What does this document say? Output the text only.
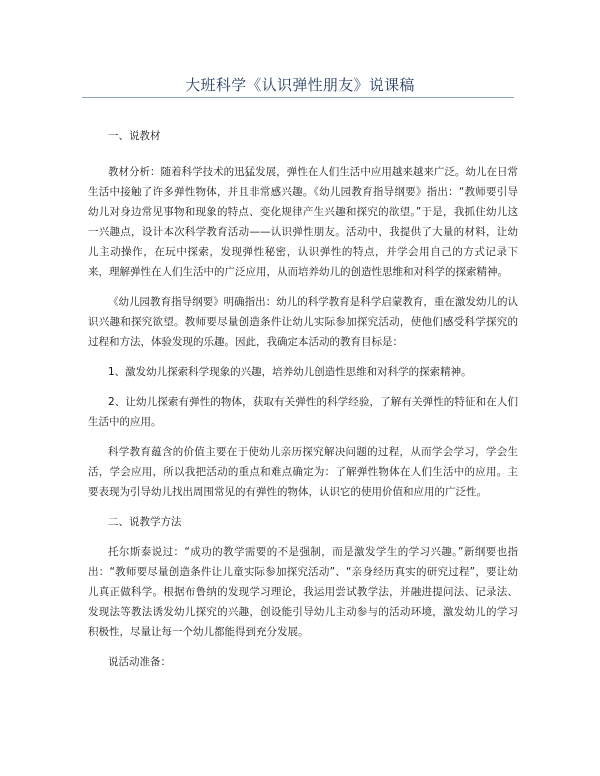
大班科学《认识弹性朋友》说课稿

一、说教材

教材分析：随着科学技术的迅猛发展，弹性在人们生活中应用越来越来广泛。幼儿在日常生活中接触了许多弹性物体，并且非常感兴趣。《幼儿园教育指导纲要》指出：“教师要引导幼儿对身边常见事物和现象的特点、变化规律产生兴趣和探究的欲望。”于是，我抓住幼儿这一兴趣点，设计本次科学教育活动——认识弹性朋友。活动中，我提供了大量的材料，让幼儿主动操作，在玩中探索，发现弹性秘密，认识弹性的特点，并学会用自己的方式记录下来，理解弹性在人们生活中的广泛应用，从而培养幼儿的创造性思维和对科学的探索精神。

《幼儿园教育指导纲要》明确指出：幼儿的科学教育是科学启蒙教育，重在激发幼儿的认识兴趣和探究欲望。教师要尽量创造条件让幼儿实际参加探究活动，使他们感受科学探究的过程和方法，体验发现的乐趣。因此，我确定本活动的教育目标是：

1、激发幼儿探索科学现象的兴趣，培养幼儿创造性思维和对科学的探索精神。

2、让幼儿探索有弹性的物体，获取有关弹性的科学经验，了解有关弹性的特征和在人们生活中的应用。

科学教育蕴含的价值主要在于使幼儿亲历探究解决问题的过程，从而学会学习，学会生活，学会应用，所以我把活动的重点和难点确定为：了解弹性物体在人们生活中的应用。主要表现为引导幼儿找出周围常见的有弹性的物体，认识它的使用价值和应用的广泛性。

二、说教学方法

托尔斯泰说过：“成功的教学需要的不是强制，而是激发学生的学习兴趣。”新纲要也指出：“教师要尽量创造条件让儿童实际参加探究活动”、“亲身经历真实的研究过程”，要让幼儿真正做科学。根据布鲁纳的发现学习理论，我运用尝试教学法，并融进提问法、记录法、发现法等教法诱发幼儿探究的兴趣，创设能引导幼儿主动参与的活动环境，激发幼儿的学习积极性，尽量让每一个幼儿都能得到充分发展。

说活动准备：
